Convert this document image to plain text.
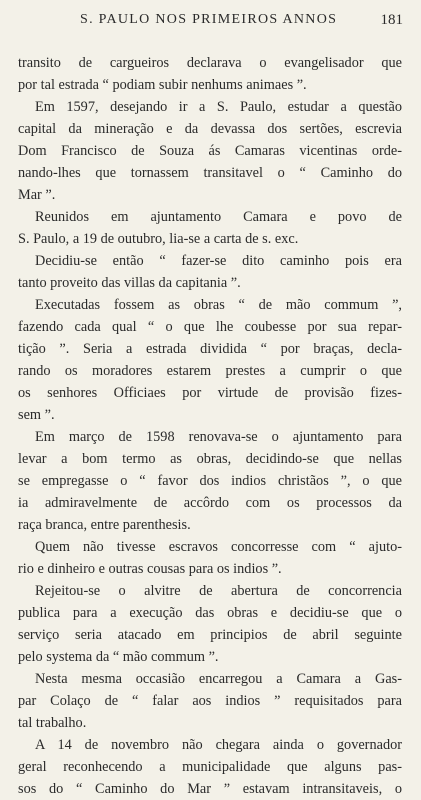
S. PAULO NOS PRIMEIROS ANNOS	181
transito de cargueiros declarava o evangelisador que
por tal estrada “ podiam subir nenhums animaes ”.
Em 1597, desejando ir a S. Paulo, estudar a questão
capital da mineração e da devassa dos sertões, escrevia
Dom Francisco de Souza ás Camaras vicentinas orde-
nando-lhes que tornassem transitavel o “ Caminho do
Mar ”.
Reunidos em ajuntamento Camara e povo de
S. Paulo, a 19 de outubro, lia-se a carta de s. exc.
Decidiu-se então “ fazer-se dito caminho pois era
tanto proveito das villas da capitania ”.
Executadas fossem as obras “ de mão commum ”,
fazendo cada qual “ o que lhe coubesse por sua repar-
tição ”. Seria a estrada dividida “ por braças, decla-
rando os moradores estarem prestes a cumprir o que
os senhores Officiaes por virtude de provisão fizes-
sem ”.
Em março de 1598 renovava-se o ajuntamento para
levar a bom termo as obras, decidindo-se que nellas
se empregasse o “ favor dos indios christãos ”, o que
ia admiravelmente de accôrdo com os processos da
raça branca, entre parenthesis.
Quem não tivesse escravos concorresse com “ ajuto-
rio e dinheiro e outras cousas para os indios ”.
Rejeitou-se o alvitre de abertura de concorrencia
publica para a execução das obras e decidiu-se que o
serviço seria atacado em principios de abril seguinte
pelo systema da “ mão commum ”.
Nesta mesma occasião encarregou a Camara a Gas-
par Colaço de “ falar aos indios ” requisitados para
tal trabalho.
A 14 de novembro não chegara ainda o governador
geral reconhecendo a municipalidade que alguns pas-
sos do “ Caminho do Mar ” estavam intransitaveis, o
